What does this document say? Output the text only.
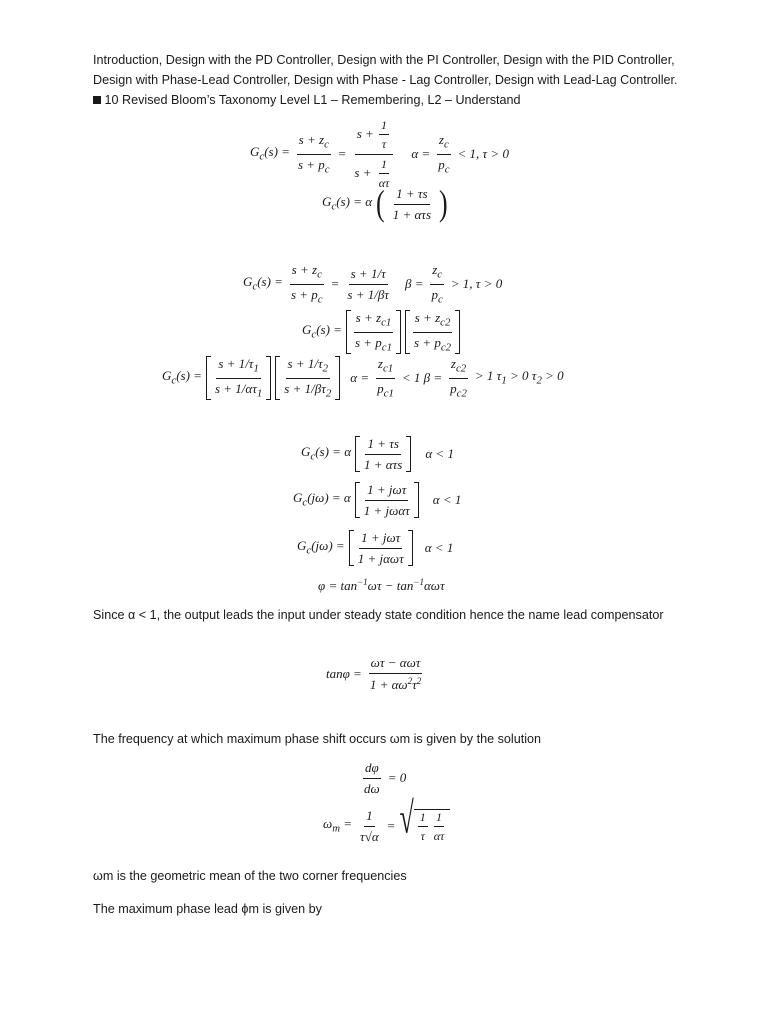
Introduction, Design with the PD Controller, Design with the PI Controller, Design with the PID Controller, Design with Phase-Lead Controller, Design with Phase - Lag Controller, Design with Lead-Lag Controller. 10 Revised Bloom’s Taxonomy Level L1 – Remembering, L2 – Understand
$G_c(s) = \frac{s + z_c}{s + p_c} = \frac{s + \frac{1}{\tau}}{s + \frac{1}{\alpha\tau}}$ $\alpha = \frac{z_c}{p_c} < 1$, τ > 0
$G_c(s) = \alpha$ ( $\frac{1 + \tau s}{\text{1 + ατs}}$ )
$G_c(s) = \frac{s + z_c}{s + p_c} = \frac{s + 1/\tau}{s + 1/\beta\tau}$ $\beta = \frac{z_c}{p_c} > 1$, τ > 0
$G_c(s) = \frac{s + z_{c1}}{s + p_{c1}} \frac{s + z_{c2}}{s + p_{c2}}$
$G_c(s) = \frac{s + 1/\tau_1}{s + 1/\alpha\tau_1} \frac{s + 1/\tau_2}{s + 1/\beta\tau_2}$ $\alpha = \frac{z_{c1}}{p_{c1}} < 1$ $\beta = \frac{z_{c2}}{p_{c2}} > 1$ $\tau_1 > 0$ $\tau_2 > 0$
$G_c(s) = \alpha \frac{1 + \tau s}{\text{1 + ατs}}$ α < 1
$G_c(j\omega) = \alpha \frac{\text{1 + jωτ}}{\text{1 + jωατ}}$ α < 1
$G_c(j\omega) = \frac{\text{1 + jωτ}}{\text{1 + jαωτ}}$ α < 1
$\varphi = \tan^{-1}\omega\tau - \tan^{-1}\alpha\omega\tau$
Since α < 1, the output leads the input under steady state condition hence the name lead compensator
$\tan\varphi = \frac{\text{ωτ − αωτ}}{1 + \alpha\omega^2\tau^2}$
The frequency at which maximum phase shift occurs ωm is given by the solution
$\frac{d\varphi}{d\omega} = 0$
$\omega_m = \frac{1}{\tau√\alpha}$ = √ $\frac{1}{\tau} \frac{1}{\alpha\tau}$
ωm is the geometric mean of the two corner frequencies
The maximum phase lead ϕm is given by
